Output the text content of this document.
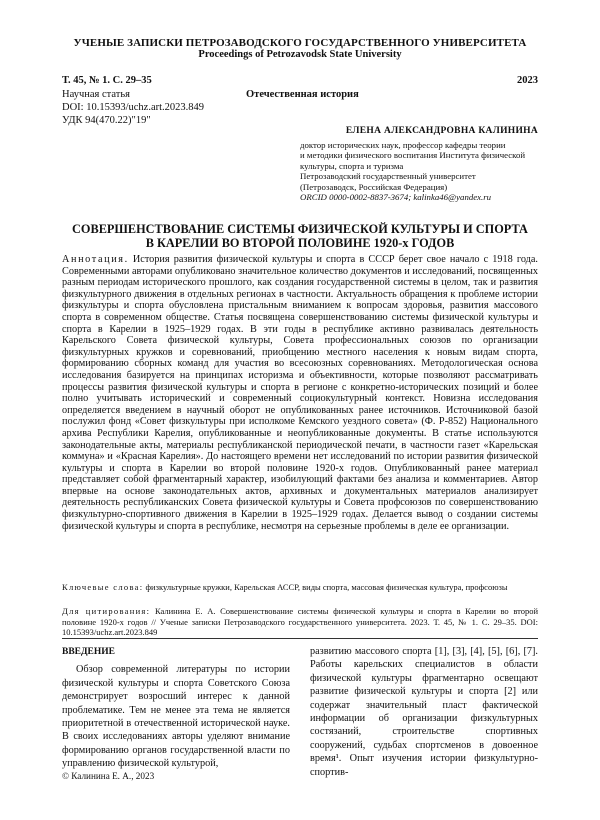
УЧЕНЫЕ ЗАПИСКИ ПЕТРОЗАВОДСКОГО ГОСУДАРСТВЕННОГО УНИВЕРСИТЕТА
Proceedings of Petrozavodsk State University
Т. 45, № 1. С. 29–35	2023
Научная статья
DOI: 10.15393/uchz.art.2023.849
УДК 94(470.22)"19"
Отечественная история
ЕЛЕНА АЛЕКСАНДРОВНА КАЛИНИНА
доктор исторических наук, профессор кафедры теории
и методики физического воспитания Института физической
культуры, спорта и туризма
Петрозаводский государственный университет
(Петрозаводск, Российская Федерация)
ORCID 0000-0002-8837-3674; kalinka46@yandex.ru
СОВЕРШЕНСТВОВАНИЕ СИСТЕМЫ ФИЗИЧЕСКОЙ КУЛЬТУРЫ И СПОРТА
В КАРЕЛИИ ВО ВТОРОЙ ПОЛОВИНЕ 1920-х ГОДОВ

Аннотация. История развития физической культуры и спорта в СССР берет свое начало с 1918 года. Современными авторами опубликовано значительное количество документов и исследований, посвященных разным периодам исторического прошлого, как создания государственной системы в целом, так и развития физкультурного движения в отдельных регионах в частности. Актуальность обращения к проблеме истории физкультуры и спорта обусловлена пристальным вниманием к вопросам здоровья, развития массового спорта в современном обществе. Статья посвящена совершенствованию системы физической культуры и спорта в Карелии в 1925–1929 годах. В эти годы в республике активно развивалась деятельность Карельского Совета физической культуры, Совета профессиональных союзов по организации физкультурных кружков и соревнований, приобщению местного населения к новым видам спорта, формированию сборных команд для участия во всесоюзных соревнованиях. Методологическая основа исследования базируется на принципах историзма и объективности, которые позволяют рассматривать процессы развития физической культуры и спорта в регионе с конкретно-исторических позиций и более полно учитывать исторический и современный социокультурный контекст. Новизна исследования определяется введением в научный оборот не опубликованных ранее источников. Источниковой базой послужил фонд «Совет физкультуры при исполкоме Кемского уездного совета» (Ф. Р-852) Национального архива Республики Карелия, опубликованные и неопубликованные документы. В статье используются законодательные акты, материалы республиканской периодической печати, в частности газет «Карельская коммуна» и «Красная Карелия». До настоящего времени нет исследований по истории развития физической культуры и спорта в Карелии во второй половине 1920-х годов. Опубликованный ранее материал представляет собой фрагментарный характер, изобилующий фактами без анализа и комментариев. Автор впервые на основе законодательных актов, архивных и документальных материалов анализирует деятельность республиканских Совета физической культуры и Совета профсоюзов по совершенствованию физкультурно-спортивного движения в Карелии в 1925–1929 годах. Делается вывод о создании системы физической культуры и спорта в республике, несмотря на серьезные проблемы в деле ее организации.

Ключевые слова: физкультурные кружки, Карельская АССР, виды спорта, массовая физическая культура, профсоюзы
Для цитирования: Калинина Е. А. Совершенствование системы физической культуры и спорта в Карелии во второй половине 1920-х годов // Ученые записки Петрозаводского государственного университета. 2023. Т. 45, № 1. С. 29–35. DOI: 10.15393/uchz.art.2023.849
ВВЕДЕНИЕ

Обзор современной литературы по истории физической культуры и спорта Советского Союза демонстрирует возросший интерес к данной проблематике. Тем не менее эта тема не является приоритетной в отечественной исторической науке. В своих исследованиях авторы уделяют внимание формированию органов государственной власти по управлению физической культурой,

развитию массового спорта [1], [3], [4], [5], [6], [7]. Работы карельских специалистов в области физической культуры фрагментарно освещают развитие физической культуры и спорта [2] или содержат значительный пласт фактической информации об организации физкультурных состязаний, строительстве спортивных сооружений, судьбах спортсменов в довоенное время¹. Опыт изучения истории физкультурно-спортив-

© Калинина Е. А., 2023
